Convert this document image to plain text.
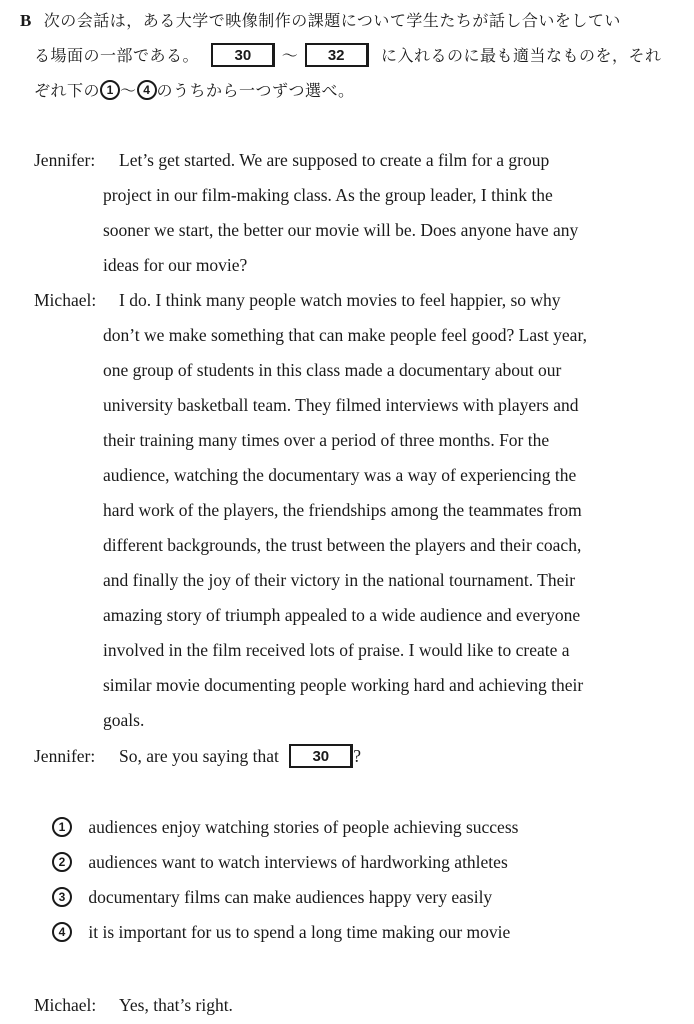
B 次の会話は，ある大学で映像制作の課題について学生たちが話し合いをしてい
る場面の一部である。 30 ～ 32 に入れるのに最も適当なものを，それ
ぞれ下の 1 ～ 4 のうちから一つずつ選べ。
Jennifer: Let’s get started. We are supposed to create a film for a group
project in our film-making class. As the group leader, I think the
sooner we start, the better our movie will be. Does anyone have any
ideas for our movie?
Michael: I do. I think many people watch movies to feel happier, so why
don’t we make something that can make people feel good? Last year,
one group of students in this class made a documentary about our
university basketball team. They filmed interviews with players and
their training many times over a period of three months. For the
audience, watching the documentary was a way of experiencing the
hard work of the players, the friendships among the teammates from
different backgrounds, the trust between the players and their coach,
and finally the joy of their victory in the national tournament. Their
amazing story of triumph appealed to a wide audience and everyone
involved in the film received lots of praise. I would like to create a
similar movie documenting people working hard and achieving their
goals.
Jennifer: So, are you saying that 30 ?
1 audiences enjoy watching stories of people achieving success
2 audiences want to watch interviews of hardworking athletes
3 documentary films can make audiences happy very easily
4 it is important for us to spend a long time making our movie
Michael: Yes, that’s right.
